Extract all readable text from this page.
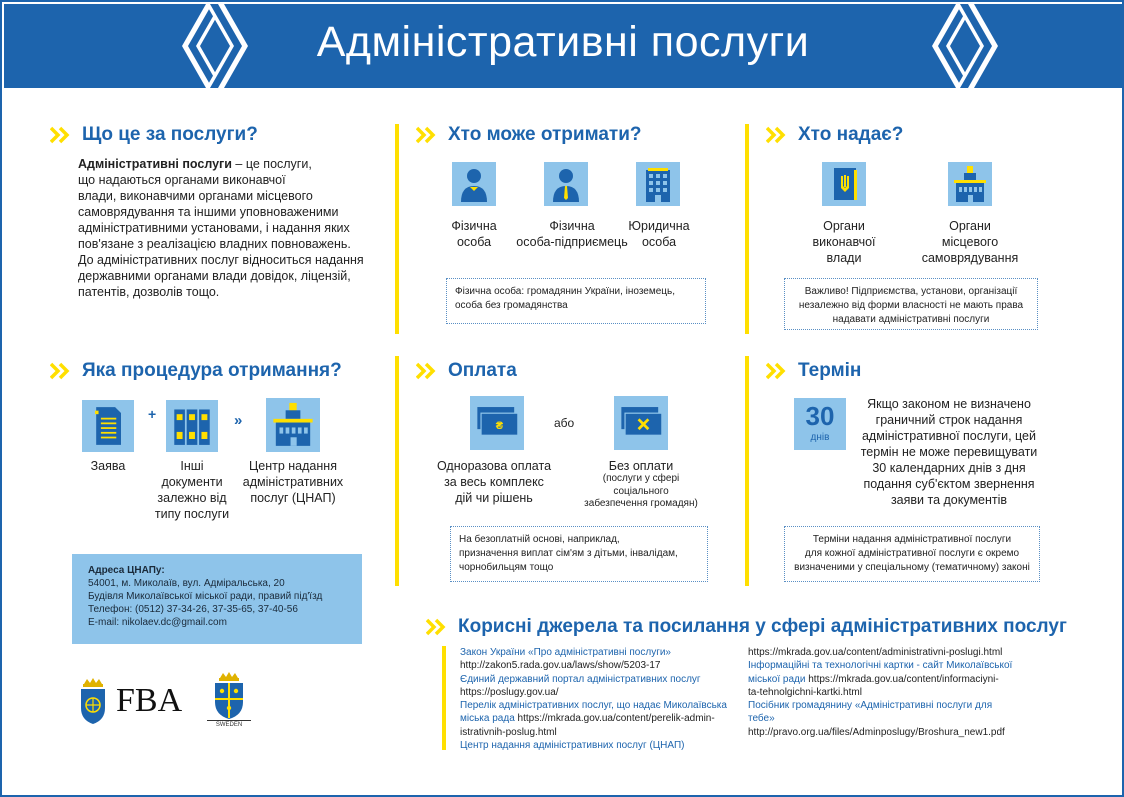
Адміністративні послуги
Що це за послуги?
Адміністративні послуги – це послуги,
що надаються органами виконавчої
влади, виконавчими органами місцевого
самоврядування та іншими уповноваженими
адміністративними установами, і надання яких
пов'язане з реалізацією владних повноважень.
До адміністративних послуг відноситься надання
державними органами влади довідок, ліцензій,
патентів, дозволів тощо.
Хто може отримати?
Фізична
особа
Фізична
особа-підприємець
Юридична
особа
Фізична особа: громадянин України, іноземець,
особа без громадянства
Хто надає?
Органи
виконавчої
влади
Органи
місцевого
самоврядування
Важливо! Підприємства, установи, організації
незалежно від форми власності не мають права
надавати адміністративні послуги
Яка процедура отримання?
Заява
+
Інші
документи
залежно від
типу послуги
»
Центр надання
адміністративних
послуг (ЦНАП)
Оплата
₴	або
Одноразова оплата
за весь комплекс
дій чи рішень
Без оплати
(послуги у сфері
соціального
забезпечення громадян)
На безоплатній основі, наприклад,
призначення виплат сім'ям з дітьми, інвалідам,
чорнобильцям тощо
Термін
30
днів
Якщо законом не визначено
граничний строк надання
адміністративної послуги, цей
термін не може перевищувати
30 календарних днів з дня
подання суб'єктом звернення
заяви та документів
Терміни надання адміністративної послуги
для кожної адміністративної послуги є окремо
визначеними у спеціальному (тематичному) законі
Адреса ЦНАПу:
54001, м. Миколаїв, вул. Адміральська, 20
Будівля Миколаївської міської ради, правий під'їзд
Телефон: (0512) 37-34-26, 37-35-65, 37-40-56
E-mail: nikolaev.dc@gmail.com
FBA
SWEDEN
Корисні джерела та посилання у сфері адміністративних послуг
Закон України «Про адміністративні послуги»
http://zakon5.rada.gov.ua/laws/show/5203-17
Єдиний державний портал адміністративних послуг
https://poslugy.gov.ua/
Перелік адміністративних послуг, що надає Миколаївська
міська рада https://mkrada.gov.ua/content/perelik-admin-
istrativnih-poslug.html
Центр надання адміністративних послуг (ЦНАП)
https://mkrada.gov.ua/content/administrativni-poslugi.html
Інформаційні та технологічні картки - сайт Миколаївської
міської ради https://mkrada.gov.ua/content/informaciyni-
ta-tehnolgichni-kartki.html
Посібник громадянину «Адміністративні послуги для
тебе»
http://pravo.org.ua/files/Adminposlugy/Broshura_new1.pdf
